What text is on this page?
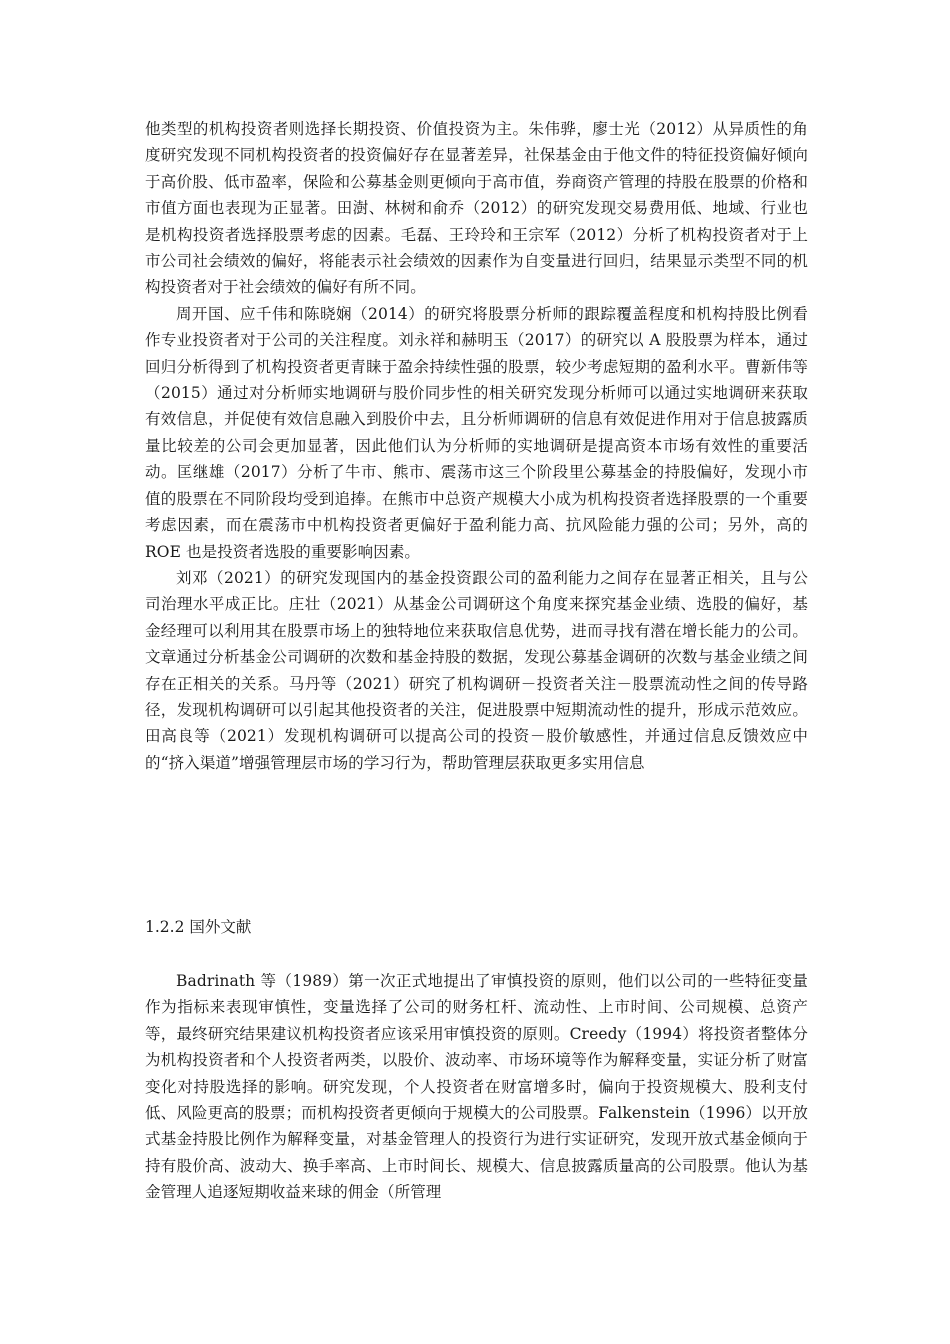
他类型的机构投资者则选择长期投资、价值投资为主。朱伟骅，廖士光（2012）从异质性的角度研究发现不同机构投资者的投资偏好存在显著差异，社保基金由于他文件的特征投资偏好倾向于高价股、低市盈率，保险和公募基金则更倾向于高市值，券商资产管理的持股在股票的价格和市值方面也表现为正显著。田澍、林树和俞乔（2012）的研究发现交易费用低、地域、行业也是机构投资者选择股票考虑的因素。毛磊、王玲玲和王宗军（2012）分析了机构投资者对于上市公司社会绩效的偏好，将能表示社会绩效的因素作为自变量进行回归，结果显示类型不同的机构投资者对于社会绩效的偏好有所不同。

周开国、应千伟和陈晓娴（2014）的研究将股票分析师的跟踪覆盖程度和机构持股比例看作专业投资者对于公司的关注程度。刘永祥和赫明玉（2017）的研究以 A 股股票为样本，通过回归分析得到了机构投资者更青睐于盈余持续性强的股票，较少考虑短期的盈利水平。曹新伟等（2015）通过对分析师实地调研与股价同步性的相关研究发现分析师可以通过实地调研来获取有效信息，并促使有效信息融入到股价中去，且分析师调研的信息有效促进作用对于信息披露质量比较差的公司会更加显著，因此他们认为分析师的实地调研是提高资本市场有效性的重要活动。匡继雄（2017）分析了牛市、熊市、震荡市这三个阶段里公募基金的持股偏好，发现小市值的股票在不同阶段均受到追捧。在熊市中总资产规模大小成为机构投资者选择股票的一个重要考虑因素，而在震荡市中机构投资者更偏好于盈利能力高、抗风险能力强的公司；另外，高的 ROE 也是投资者选股的重要影响因素。

刘邓（2021）的研究发现国内的基金投资跟公司的盈利能力之间存在显著正相关，且与公司治理水平成正比。庄壮（2021）从基金公司调研这个角度来探究基金业绩、选股的偏好，基金经理可以利用其在股票市场上的独特地位来获取信息优势，进而寻找有潜在增长能力的公司。文章通过分析基金公司调研的次数和基金持股的数据，发现公募基金调研的次数与基金业绩之间存在正相关的关系。马丹等（2021）研究了机构调研－投资者关注－股票流动性之间的传导路径，发现机构调研可以引起其他投资者的关注，促进股票中短期流动性的提升，形成示范效应。田高良等（2021）发现机构调研可以提高公司的投资－股价敏感性，并通过信息反馈效应中的“挤入渠道”增强管理层市场的学习行为，帮助管理层获取更多实用信息

1.2.2 国外文献

Badrinath 等（1989）第一次正式地提出了审慎投资的原则，他们以公司的一些特征变量作为指标来表现审慎性，变量选择了公司的财务杠杆、流动性、上市时间、公司规模、总资产等，最终研究结果建议机构投资者应该采用审慎投资的原则。Creedy（1994）将投资者整体分为机构投资者和个人投资者两类，以股价、波动率、市场环境等作为解释变量，实证分析了财富变化对持股选择的影响。研究发现，个人投资者在财富增多时，偏向于投资规模大、股利支付低、风险更高的股票；而机构投资者更倾向于规模大的公司股票。Falkenstein（1996）以开放式基金持股比例作为解释变量，对基金管理人的投资行为进行实证研究，发现开放式基金倾向于持有股价高、波动大、换手率高、上市时间长、规模大、信息披露质量高的公司股票。他认为基金管理人追逐短期收益来球的佣金（所管理
